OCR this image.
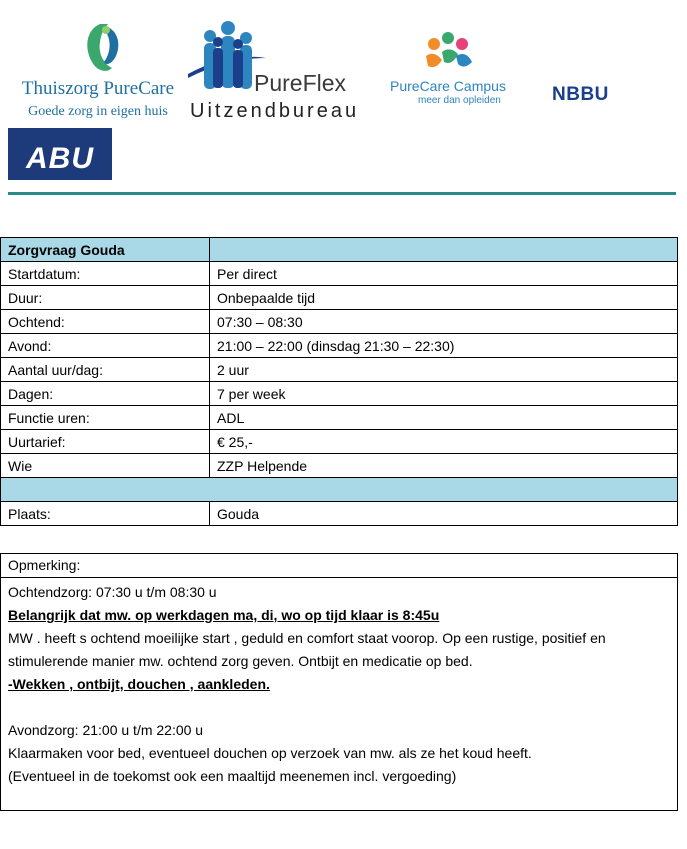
Thuiszorg PureCare
Goede zorg in eigen huis
PureFlex
Uitzendbureau
PureCare Campus
meer dan opleiden	NBBU
ABU
Zorgvraag Gouda	
Startdatum:	Per direct
Duur:	Onbepaalde tijd
Ochtend:	07:30 – 08:30
Avond:	21:00 – 22:00 (dinsdag 21:30 – 22:30)
Aantal uur/dag:	2 uur
Dagen:	7 per week
Functie uren:	ADL
Uurtarief:	€ 25,-
Wie	ZZP Helpende

Plaats:	Gouda
Opmerking:
Ochtendzorg: 07:30 u t/m 08:30 u
Belangrijk dat mw. op werkdagen ma, di, wo op tijd klaar is 8:45u
MW . heeft s ochtend moeilijke start , geduld en comfort staat voorop. Op een rustige, positief en
stimulerende manier mw. ochtend zorg geven. Ontbijt en medicatie op bed.
-Wekken , ontbijt, douchen , aankleden.
Avondzorg: 21:00 u t/m 22:00 u
Klaarmaken voor bed, eventueel douchen op verzoek van mw. als ze het koud heeft.
(Eventueel in de toekomst ook een maaltijd meenemen incl. vergoeding)
